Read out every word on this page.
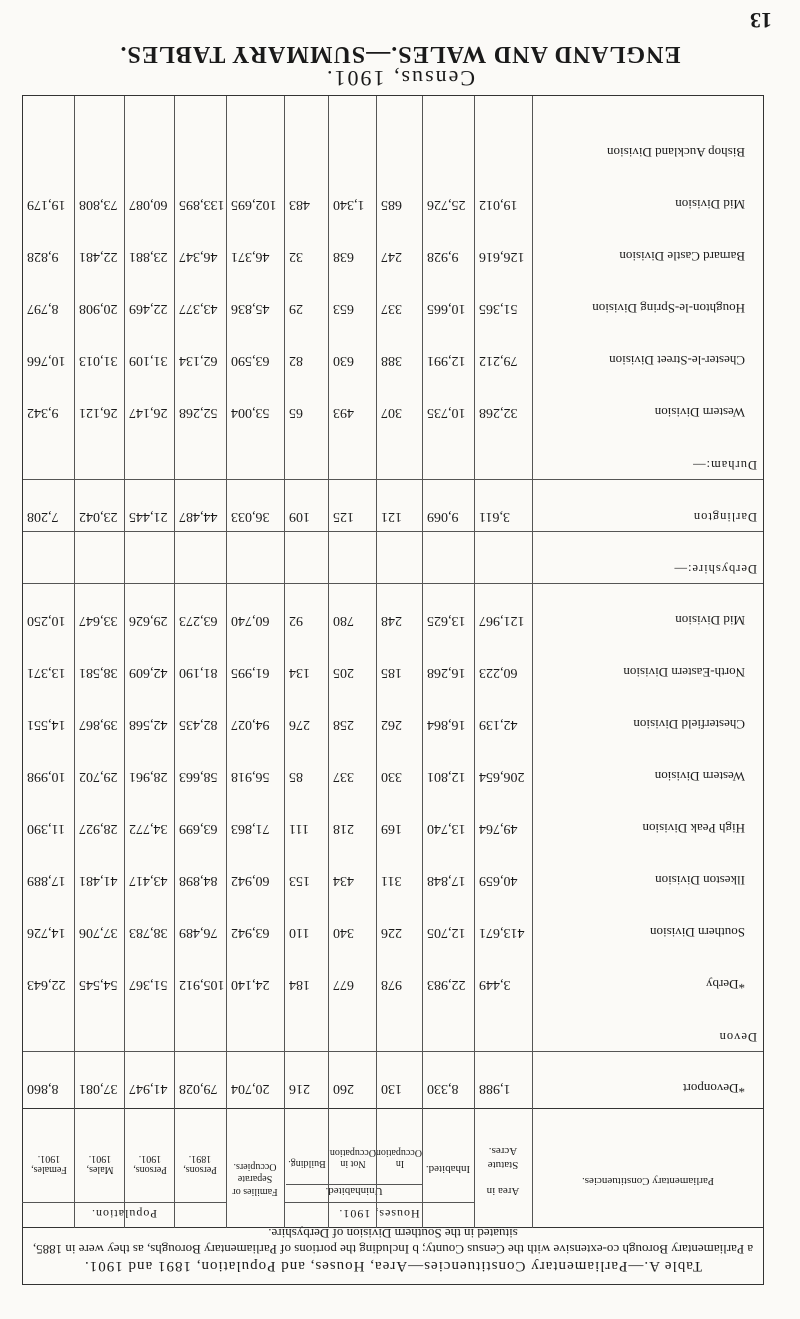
13
Census, 1901.
ENGLAND AND WALES.—SUMMARY TABLES.
Table A.—Parliamentary Constituencies—Area, Houses, and Population, 1891 and 1901.
a Parliamentary Borough co-extensive with the Census County; b Including the portions of Parliamentary Boroughs, as they were in 1885, situated in the Southern Division of Derbyshire.
Parliamentary Constituencies.
Area in
Statute Acres.
Houses, 1901.
Inhabited.
Uninhabited.
In Occupation.
Not in Occupation.
Building.
Families or Separate Occupiers.
Population.
Persons, 1891.
Persons, 1901.
Males, 1901.
Females, 1901.
*Devonport
1,988
8,330
130
260
216
20,704
79,028
41,947
37,081
8,860
Devon
*Derby
3,449
22,983
978
677
184
24,140
105,912
51,367
54,545
22,643
Southern Division
413,671
12,705
226
340
110
63,942
76,489
38,783
37,706
14,726
Ilkeston Division
40,659
17,848
311
434
153
60,942
84,898
43,417
41,481
17,889
High Peak Division
49,764
13,740
169
218
111
71,863
63,699
34,772
28,927
11,390
Western Division
206,654
12,801
330
337
85
56,918
58,663
28,961
29,702
10,998
Chesterfield Division
42,139
16,864
262
258
276
94,027
82,435
42,568
39,867
14,551
North-Eastern Division
60,223
16,268
185
205
134
61,995
81,190
42,609
38,581
13,371
Mid Division
121,967
13,625
248
780
92
60,740
63,273
29,626
33,647
10,250
Derbyshire:—
Darlington
3,611
9,069
121
125
109
36,033
44,487
21,445
23,042
7,208
Durham:—
Western Division
32,268
10,735
307
493
65
53,004
52,268
26,147
26,121
9,342
Chester-le-Street Division
79,212
12,991
388
630
82
63,590
62,134
31,109
31,013
10,766
Houghton-le-Spring Division
51,365
10,665
337
653
29
45,836
43,377
22,469
20,908
8,797
Barnard Castle Division
126,616
9,928
247
638
32
46,371
46,347
23,881
22,481
9,828
Mid Division
19,012
25,726
685
1,340
483
102,695
133,895
60,087
73,808
19,179
Bishop Auckland Division
